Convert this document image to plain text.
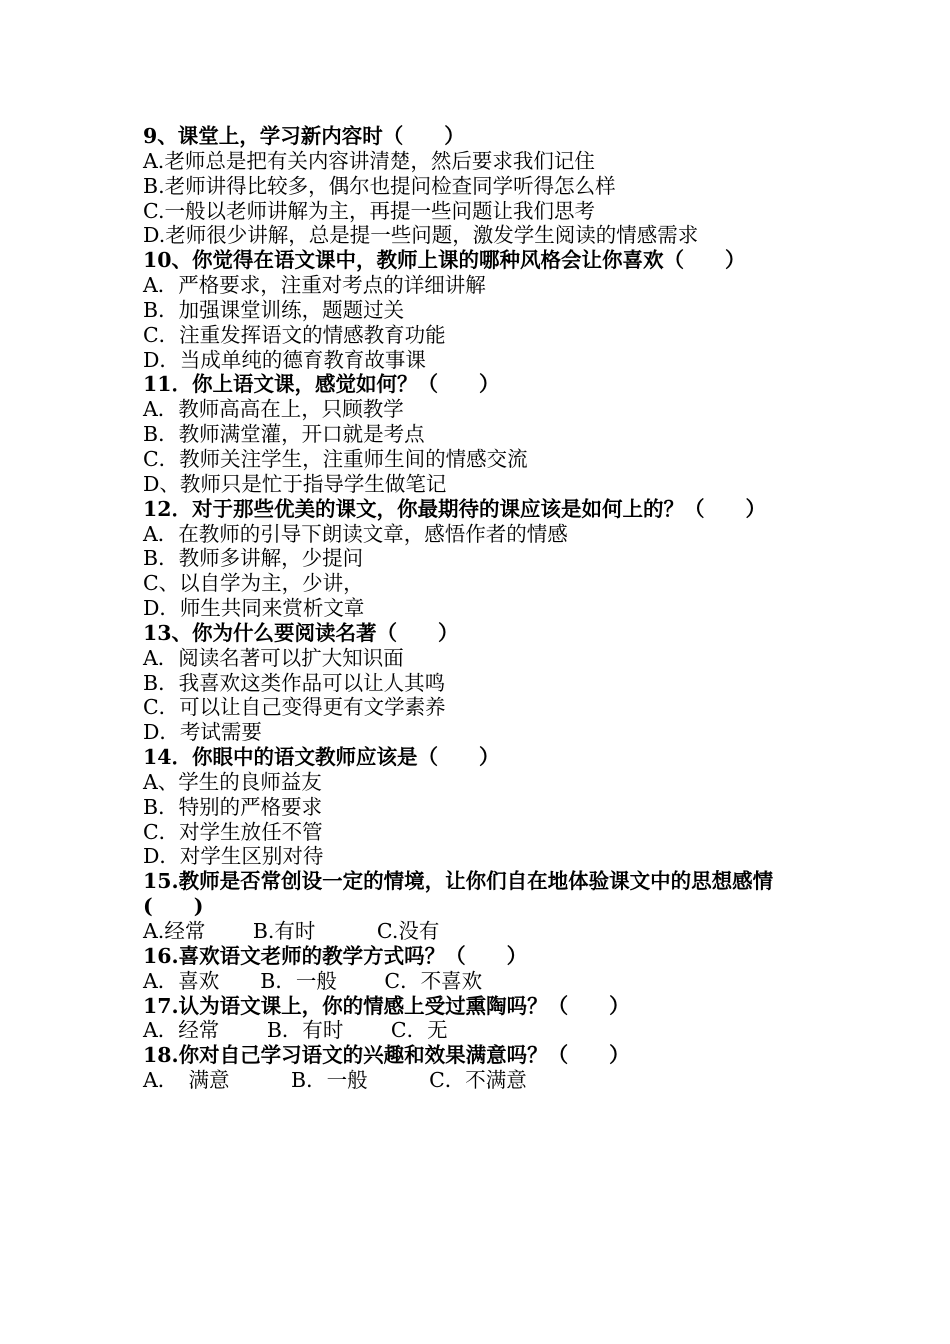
9、课堂上，学习新内容时（　　）
A.老师总是把有关内容讲清楚，然后要求我们记住
B.老师讲得比较多，偶尔也提问检查同学听得怎么样
C.一般以老师讲解为主，再提一些问题让我们思考
D.老师很少讲解，总是提一些问题，激发学生阅读的情感需求
10、你觉得在语文课中，教师上课的哪种风格会让你喜欢（　　）
A．严格要求，注重对考点的详细讲解
B．加强课堂训练，题题过关
C．注重发挥语文的情感教育功能
D．当成单纯的德育教育故事课
11．你上语文课，感觉如何？（　　）
A．教师高高在上，只顾教学
B．教师满堂灌，开口就是考点
C．教师关注学生，注重师生间的情感交流
D、教师只是忙于指导学生做笔记
12．对于那些优美的课文，你最期待的课应该是如何上的？（　　）
A．在教师的引导下朗读文章，感悟作者的情感
B．教师多讲解，少提问
C、以自学为主，少讲，
D．师生共同来赏析文章
13、你为什么要阅读名著（　　）
A．阅读名著可以扩大知识面
B．我喜欢这类作品可以让人其鸣
C．可以让自己变得更有文学素养
D．考试需要
14．你眼中的语文教师应该是（　　）
A、学生的良师益友
B．特别的严格要求
C．对学生放任不管
D．对学生区别对待
15.教师是否常创设一定的情境，让你们自在地体验课文中的思想感情(　　)
A.经常　　 B.有时　　　C.没有
16.喜欢语文老师的教学方式吗？（　　）
A．喜欢　　B．一般　　 C．不喜欢
17.认为语文课上，你的情感上受过熏陶吗？（　　）
A．经常　　 B．有时　　 C．无
18.你对自己学习语文的兴趣和效果满意吗？（　　）
A．　满意　　　B．一般　　　C．不满意
